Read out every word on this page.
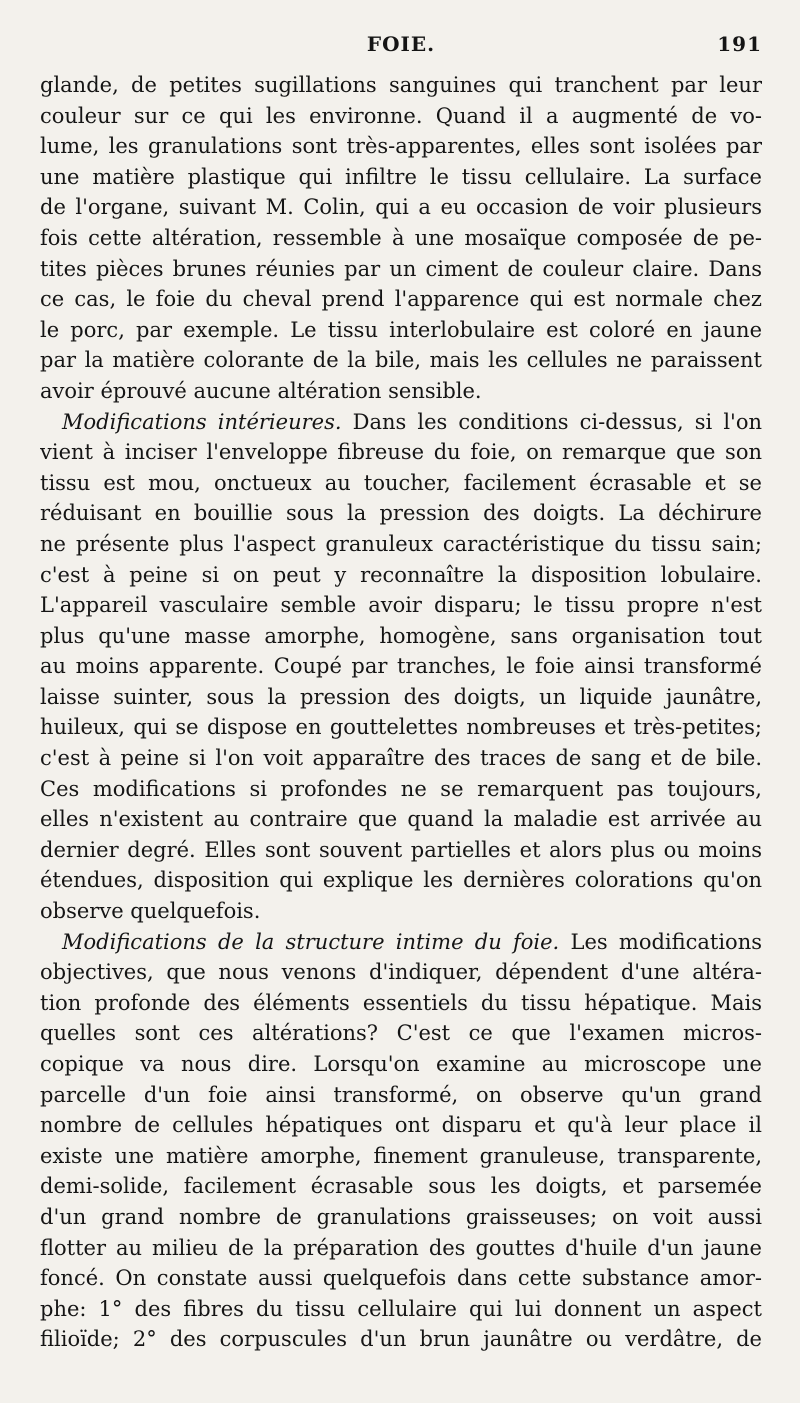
FOIE.	191
glande, de petites sugillations sanguines qui tranchent par leur
couleur sur ce qui les environne. Quand il a augmenté de vo-
lume, les granulations sont très-apparentes, elles sont isolées par
une matière plastique qui infiltre le tissu cellulaire. La surface
de l'organe, suivant M. Colin, qui a eu occasion de voir plusieurs
fois cette altération, ressemble à une mosaïque composée de pe-
tites pièces brunes réunies par un ciment de couleur claire. Dans
ce cas, le foie du cheval prend l'apparence qui est normale chez
le porc, par exemple. Le tissu interlobulaire est coloré en jaune
par la matière colorante de la bile, mais les cellules ne paraissent
avoir éprouvé aucune altération sensible.
Modifications intérieures. Dans les conditions ci-dessus, si l'on
vient à inciser l'enveloppe fibreuse du foie, on remarque que son
tissu est mou, onctueux au toucher, facilement écrasable et se
réduisant en bouillie sous la pression des doigts. La déchirure
ne présente plus l'aspect granuleux caractéristique du tissu sain;
c'est à peine si on peut y reconnaître la disposition lobulaire.
L'appareil vasculaire semble avoir disparu; le tissu propre n'est
plus qu'une masse amorphe, homogène, sans organisation tout
au moins apparente. Coupé par tranches, le foie ainsi transformé
laisse suinter, sous la pression des doigts, un liquide jaunâtre,
huileux, qui se dispose en gouttelettes nombreuses et très-petites;
c'est à peine si l'on voit apparaître des traces de sang et de bile.
Ces modifications si profondes ne se remarquent pas toujours,
elles n'existent au contraire que quand la maladie est arrivée au
dernier degré. Elles sont souvent partielles et alors plus ou moins
étendues, disposition qui explique les dernières colorations qu'on
observe quelquefois.
Modifications de la structure intime du foie. Les modifications
objectives, que nous venons d'indiquer, dépendent d'une altéra-
tion profonde des éléments essentiels du tissu hépatique. Mais
quelles sont ces altérations? C'est ce que l'examen micros-
copique va nous dire. Lorsqu'on examine au microscope une
parcelle d'un foie ainsi transformé, on observe qu'un grand
nombre de cellules hépatiques ont disparu et qu'à leur place il
existe une matière amorphe, finement granuleuse, transparente,
demi-solide, facilement écrasable sous les doigts, et parsemée
d'un grand nombre de granulations graisseuses; on voit aussi
flotter au milieu de la préparation des gouttes d'huile d'un jaune
foncé. On constate aussi quelquefois dans cette substance amor-
phe: 1° des fibres du tissu cellulaire qui lui donnent un aspect
filioïde; 2° des corpuscules d'un brun jaunâtre ou verdâtre, de
